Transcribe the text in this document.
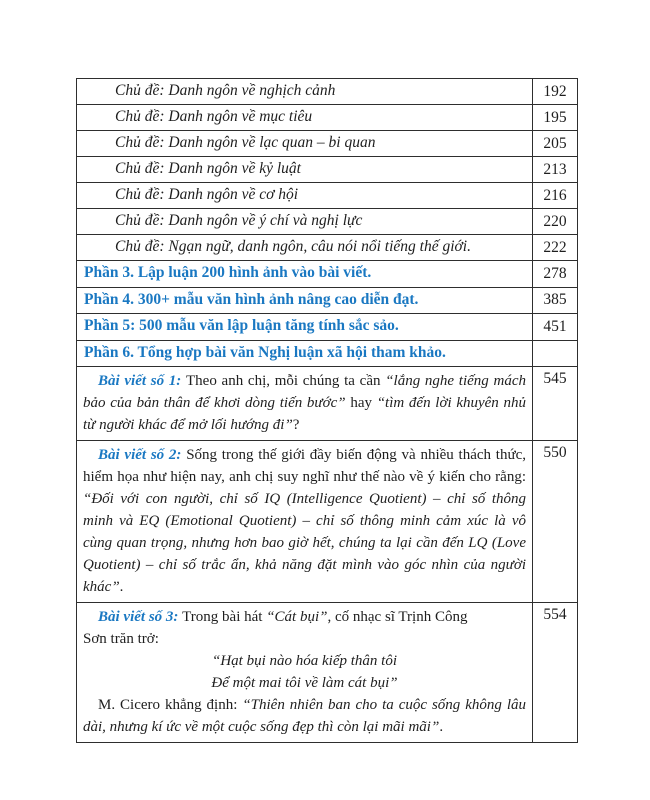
Chủ đề: Danh ngôn về nghịch cảnh	192
Chủ đề: Danh ngôn về mục tiêu	195
Chủ đề: Danh ngôn về lạc quan – bi quan	205
Chủ đề: Danh ngôn về kỷ luật	213
Chủ đề: Danh ngôn về cơ hội	216
Chủ đề: Danh ngôn về ý chí và nghị lực	220
Chủ đề: Ngạn ngữ, danh ngôn, câu nói nổi tiếng thế giới.	222
Phần 3. Lập luận 200 hình ảnh vào bài viết.	278
Phần 4. 300+ mẫu văn hình ảnh nâng cao diễn đạt.	385
Phần 5: 500 mẫu văn lập luận tăng tính sắc sảo.	451
Phần 6. Tổng hợp bài văn Nghị luận xã hội tham khảo.	

Bài viết số 1: Theo anh chị, mỗi chúng ta cần “lắng nghe tiếng mách bảo của bản thân để khơi dòng tiến bước” hay “tìm đến lời khuyên nhủ từ người khác để mở lối hướng đi”?	545

Bài viết số 2: Sống trong thế giới đầy biến động và nhiều thách thức, hiểm họa như hiện nay, anh chị suy nghĩ như thế nào về ý kiến cho rằng: “Đối với con người, chỉ số IQ (Intelligence Quotient) – chỉ số thông minh và EQ (Emotional Quotient) – chỉ số thông minh cảm xúc là vô cùng quan trọng, nhưng hơn bao giờ hết, chúng ta lại cần đến LQ (Love Quotient) – chỉ số trắc ẩn, khả năng đặt mình vào góc nhìn của người khác”.	550

Bài viết số 3: Trong bài hát “Cát bụi”, cố nhạc sĩ Trịnh Công
Sơn trăn trở:
“Hạt bụi nào hóa kiếp thân tôi
Để một mai tôi về làm cát bụi”
M. Cicero khẳng định: “Thiên nhiên ban cho ta cuộc sống không lâu dài, nhưng kí ức về một cuộc sống đẹp thì còn lại mãi mãi”.	554
